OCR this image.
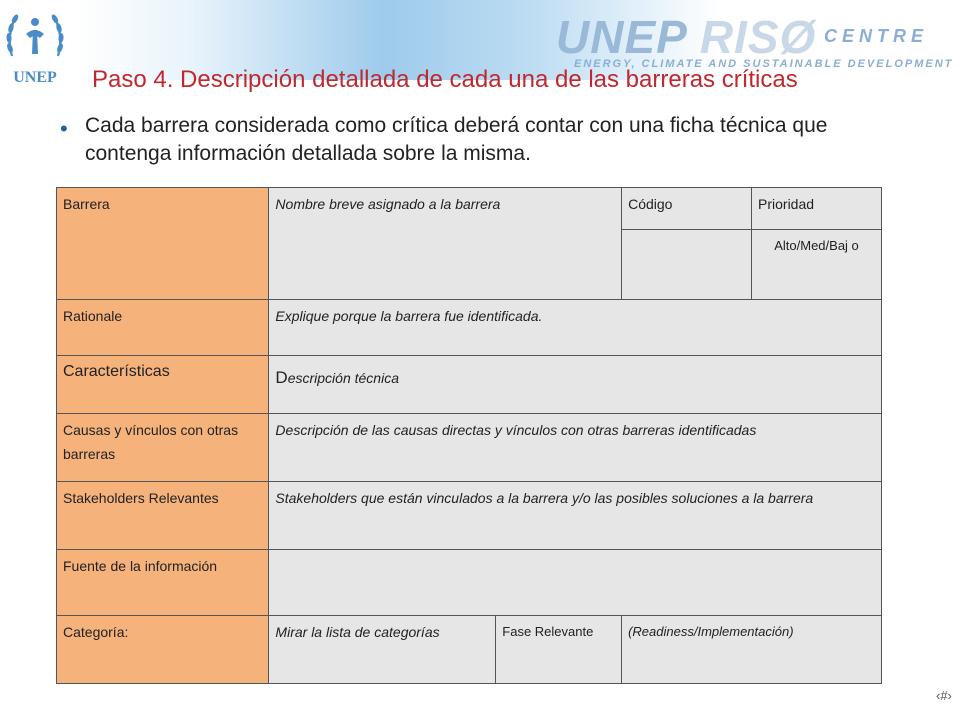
UNEP
UNEP RISØ CENTRE
ENERGY, CLIMATE AND SUSTAINABLE DEVELOPMENT
Paso 4. Descripción detallada de cada una de las barreras críticas
• Cada barrera considerada como crítica deberá contar con una ficha técnica que contenga información detallada sobre la misma.
Barrera	Nombre breve asignado a la barrera		Código	Prioridad
				Alto/Med/Baj o
Rationale	Explique porque la barrera fue identificada.			
Características	Descripción técnica			
Causas y vínculos con otras barreras	Descripción de las causas directas y vínculos con otras barreras identificadas			
Stakeholders Relevantes	Stakeholders que están vinculados a la barrera y/o las posibles soluciones a la barrera			
Fuente de la información				
Categoría:	Mirar la lista de categorías	Fase Relevante	(Readiness/Implementación)	
‹#›
